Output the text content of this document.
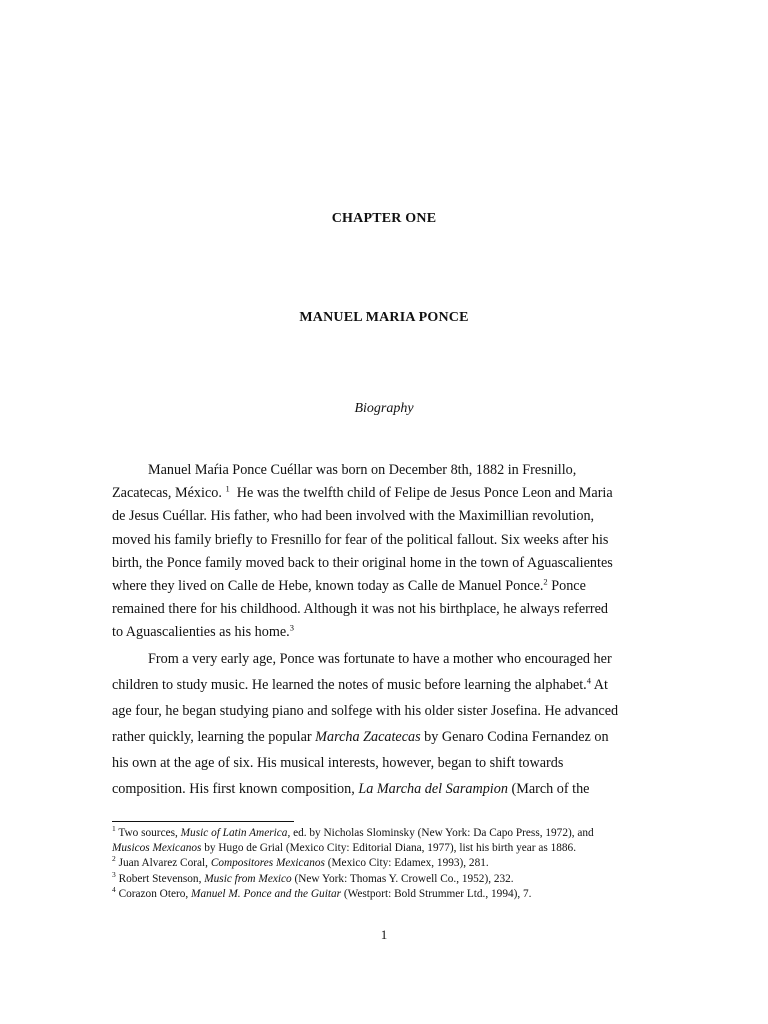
CHAPTER ONE

MANUEL MARIA PONCE

Biography

Manuel Maŕia Ponce Cuéllar was born on December 8th, 1882 in Fresnillo,
Zacatecas, México. $^1$  He was the twelfth child of Felipe de Jesus Ponce Leon and Maria
de Jesus Cuéllar. His father, who had been involved with the Maximillian revolution,
moved his family briefly to Fresnillo for fear of the political fallout. Six weeks after his
birth, the Ponce family moved back to their original home in the town of Aguascalientes
where they lived on Calle de Hebe, known today as Calle de Manuel Ponce.$^2$ Ponce
remained there for his childhood. Although it was not his birthplace, he always referred
to Aguascalienties as his home.$^3$
From a very early age, Ponce was fortunate to have a mother who encouraged her
children to study music. He learned the notes of music before learning the alphabet.$^4$ At
age four, he began studying piano and solfege with his older sister Josefina. He advanced
rather quickly, learning the popular Marcha Zacatecas by Genaro Codina Fernandez on
his own at the age of six. His musical interests, however, began to shift towards
composition. His first known composition, La Marcha del Sarampion (March of the
$^1$ Two sources, Music of Latin America, ed. by Nicholas Slominsky (New York: Da Capo Press, 1972), and
Musicos Mexicanos by Hugo de Grial (Mexico City: Editorial Diana, 1977), list his birth year as 1886.
$^2$ Juan Alvarez Coral, Compositores Mexicanos (Mexico City: Edamex, 1993), 281.
$^3$ Robert Stevenson, Music from Mexico (New York: Thomas Y. Crowell Co., 1952), 232.
$^4$ Corazon Otero, Manuel M. Ponce and the Guitar (Westport: Bold Strummer Ltd., 1994), 7.

1
